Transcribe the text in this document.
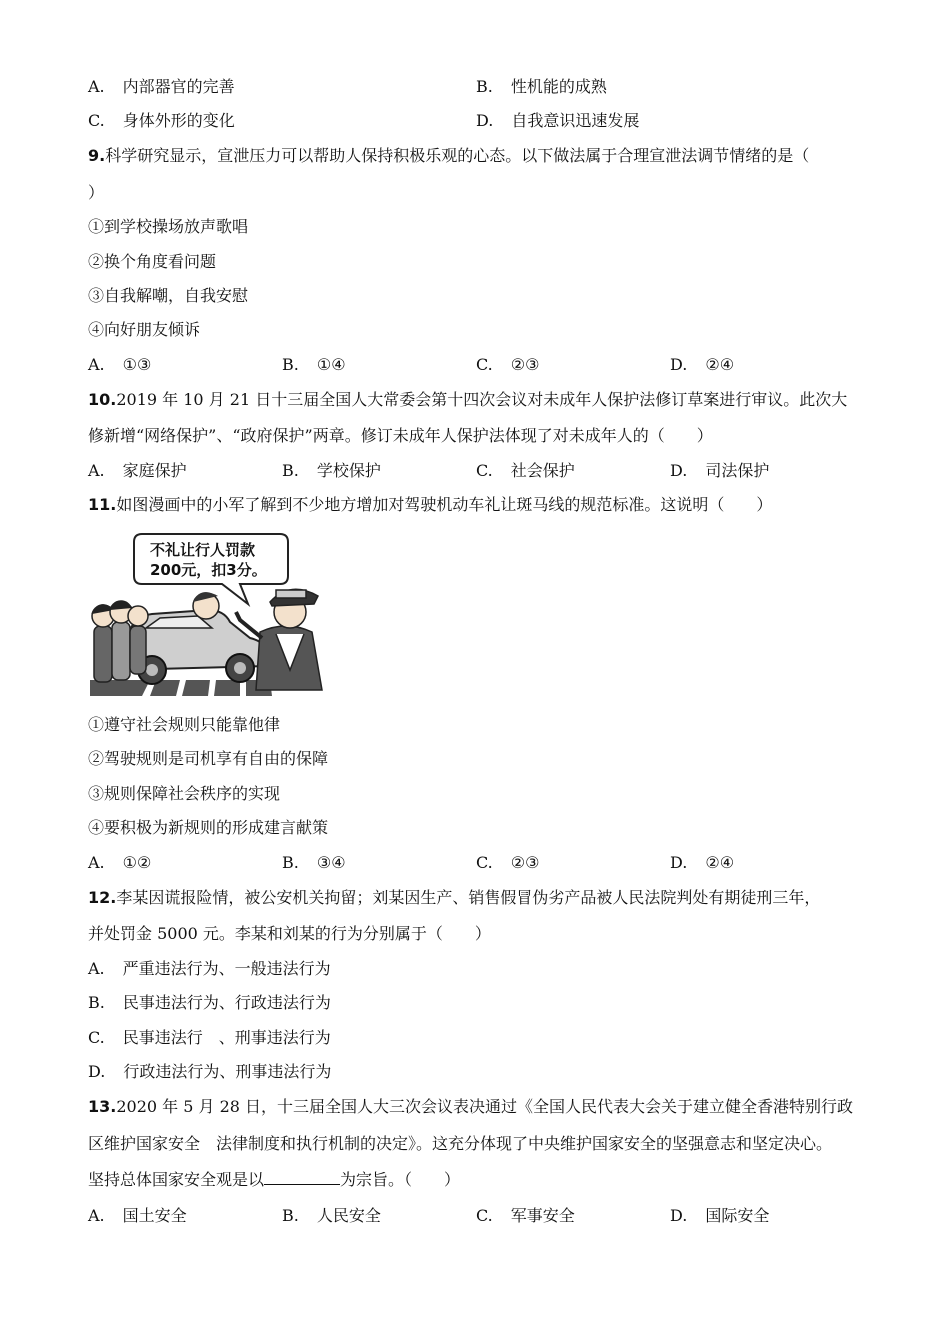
A. 内部器官的完善	B. 性机能的成熟
C. 身体外形的变化	D. 自我意识迅速发展
9.科学研究显示，宣泄压力可以帮助人保持积极乐观的心态。以下做法属于合理宣泄法调节情绪的是（
）
①到学校操场放声歌唱
②换个角度看问题
③自我解嘲，自我安慰
④向好朋友倾诉
A. ①③	B. ①④	C. ②③	D. ②④
10.2019 年 10 月 21 日十三届全国人大常委会第十四次会议对未成年人保护法修订草案进行审议。此次大
修新增“网络保护”、“政府保护”两章。修订未成年人保护法体现了对未成年人的（　　）
A. 家庭保护	B. 学校保护	C. 社会保护	D. 司法保护
11.如图漫画中的小军了解到不少地方增加对驾驶机动车礼让斑马线的规范标准。这说明（　　）
不礼让行人罚款
200元，扣3分。
①遵守社会规则只能靠他律
②驾驶规则是司机享有自由的保障
③规则保障社会秩序的实现
④要积极为新规则的形成建言献策
A. ①②	B. ③④	C. ②③	D. ②④
12.李某因谎报险情，被公安机关拘留；刘某因生产、销售假冒伪劣产品被人民法院判处有期徒刑三年，
并处罚金 5000 元。李某和刘某的行为分别属于（　　）
A. 严重违法行为、一般违法行为
B. 民事违法行为、行政违法行为
C. 民事违法行　、刑事违法行为
D. 行政违法行为、刑事违法行为
13.2020 年 5 月 28 日，十三届全国人大三次会议表决通过《全国人民代表大会关于建立健全香港特别行政
区维护国家安全　法律制度和执行机制的决定》。这充分体现了中央维护国家安全的坚强意志和坚定决心。
坚持总体国家安全观是以	为宗旨。（　　）
A. 国土安全	B. 人民安全	C. 军事安全	D. 国际安全
